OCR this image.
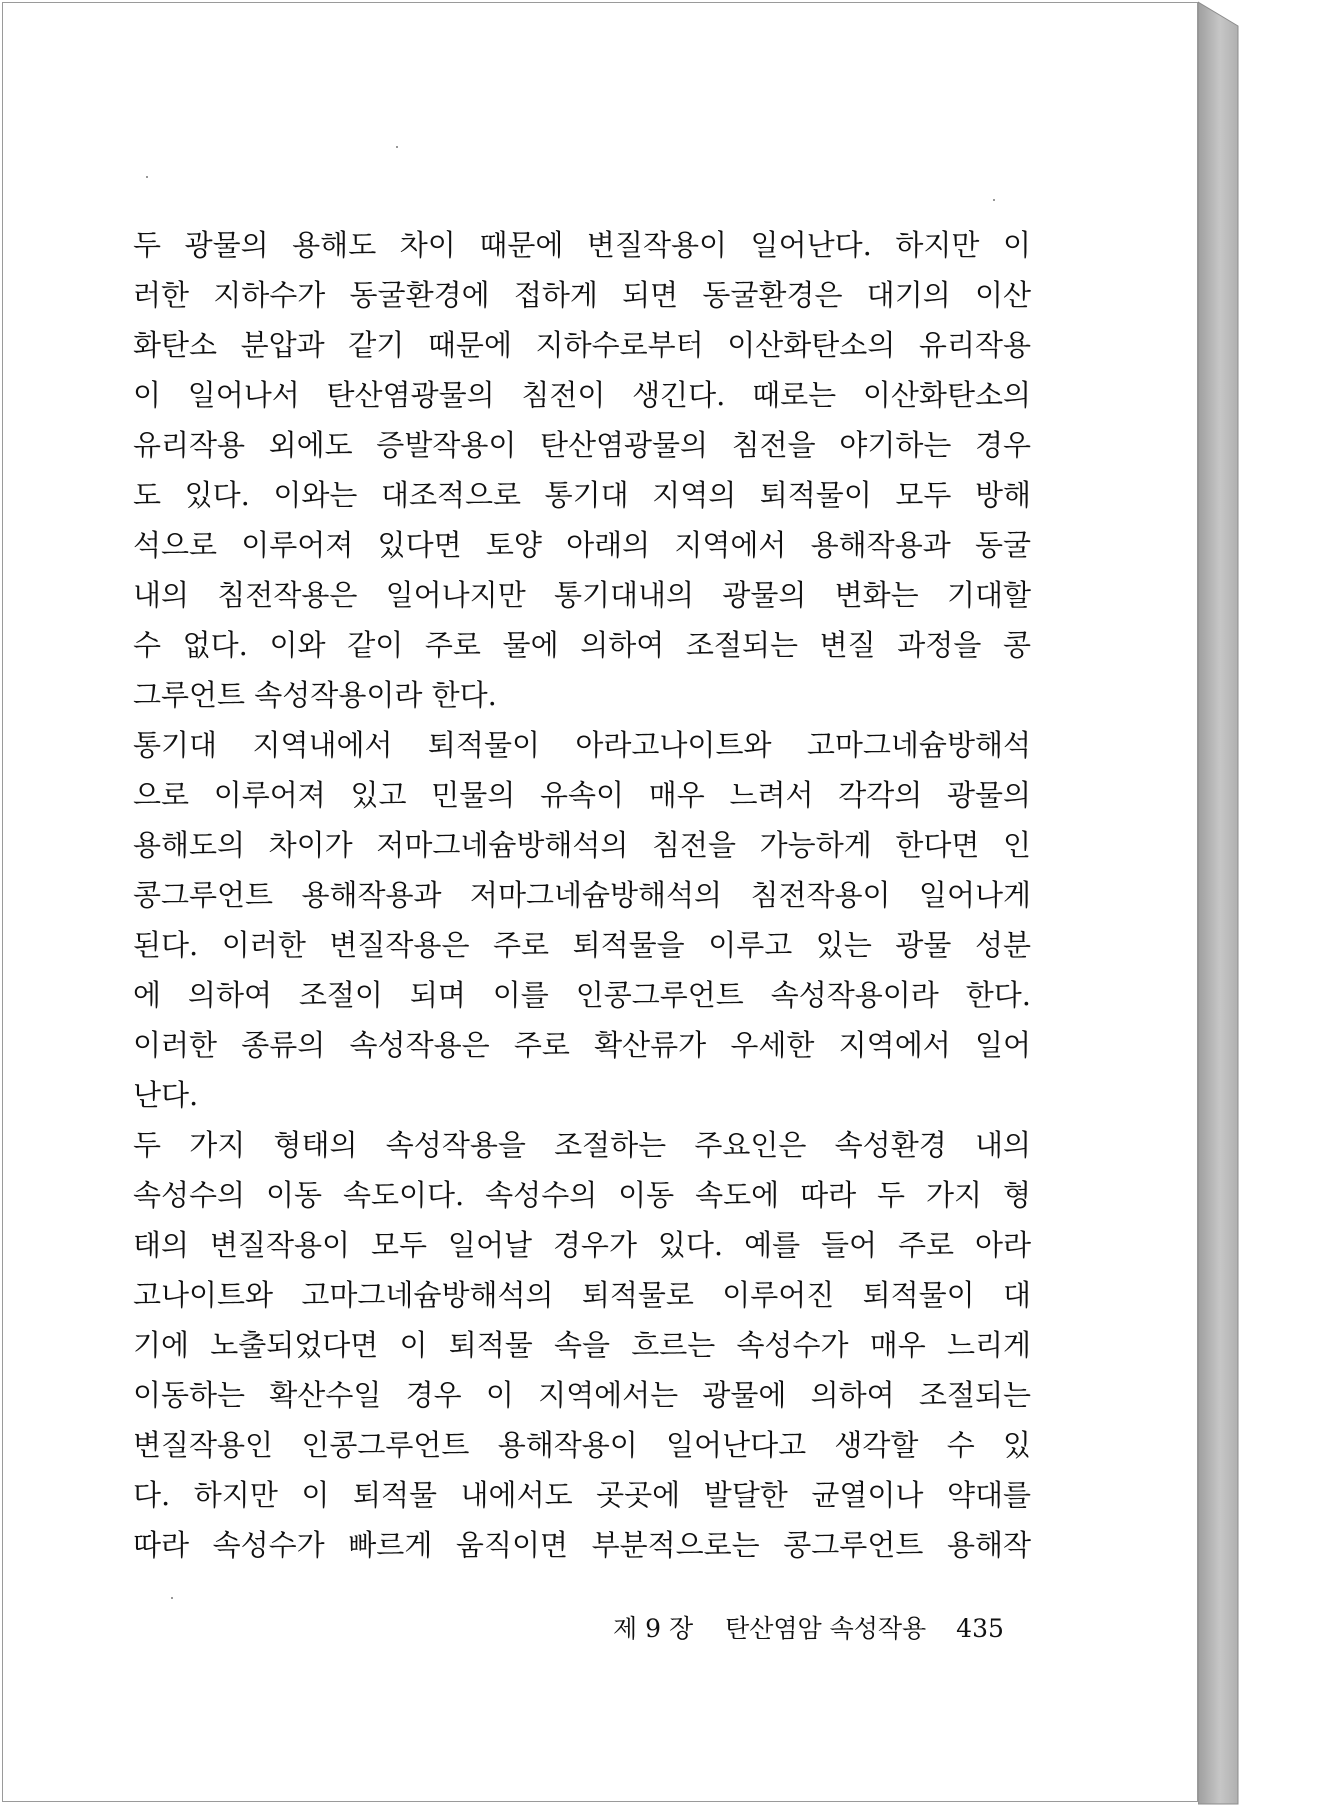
두 광물의 용해도 차이 때문에 변질작용이 일어난다. 하지만 이
러한 지하수가 동굴환경에 접하게 되면 동굴환경은 대기의 이산
화탄소 분압과 같기 때문에 지하수로부터 이산화탄소의 유리작용
이 일어나서 탄산염광물의 침전이 생긴다. 때로는 이산화탄소의
유리작용 외에도 증발작용이 탄산염광물의 침전을 야기하는 경우
도 있다. 이와는 대조적으로 통기대 지역의 퇴적물이 모두 방해
석으로 이루어져 있다면 토양 아래의 지역에서 용해작용과 동굴
내의 침전작용은 일어나지만 통기대내의 광물의 변화는 기대할
수 없다. 이와 같이 주로 물에 의하여 조절되는 변질 과정을 콩
그루언트 속성작용이라 한다.
통기대 지역내에서 퇴적물이 아라고나이트와 고마그네슘방해석
으로 이루어져 있고 민물의 유속이 매우 느려서 각각의 광물의
용해도의 차이가 저마그네슘방해석의 침전을 가능하게 한다면 인
콩그루언트 용해작용과 저마그네슘방해석의 침전작용이 일어나게
된다. 이러한 변질작용은 주로 퇴적물을 이루고 있는 광물 성분
에 의하여 조절이 되며 이를 인콩그루언트 속성작용이라 한다.
이러한 종류의 속성작용은 주로 확산류가 우세한 지역에서 일어
난다.
두 가지 형태의 속성작용을 조절하는 주요인은 속성환경 내의
속성수의 이동 속도이다. 속성수의 이동 속도에 따라 두 가지 형
태의 변질작용이 모두 일어날 경우가 있다. 예를 들어 주로 아라
고나이트와 고마그네슘방해석의 퇴적물로 이루어진 퇴적물이 대
기에 노출되었다면 이 퇴적물 속을 흐르는 속성수가 매우 느리게
이동하는 확산수일 경우 이 지역에서는 광물에 의하여 조절되는
변질작용인 인콩그루언트 용해작용이 일어난다고 생각할 수 있
다. 하지만 이 퇴적물 내에서도 곳곳에 발달한 균열이나 약대를
따라 속성수가 빠르게 움직이면 부분적으로는 콩그루언트 용해작
제 9 장 탄산염암 속성작용 435
